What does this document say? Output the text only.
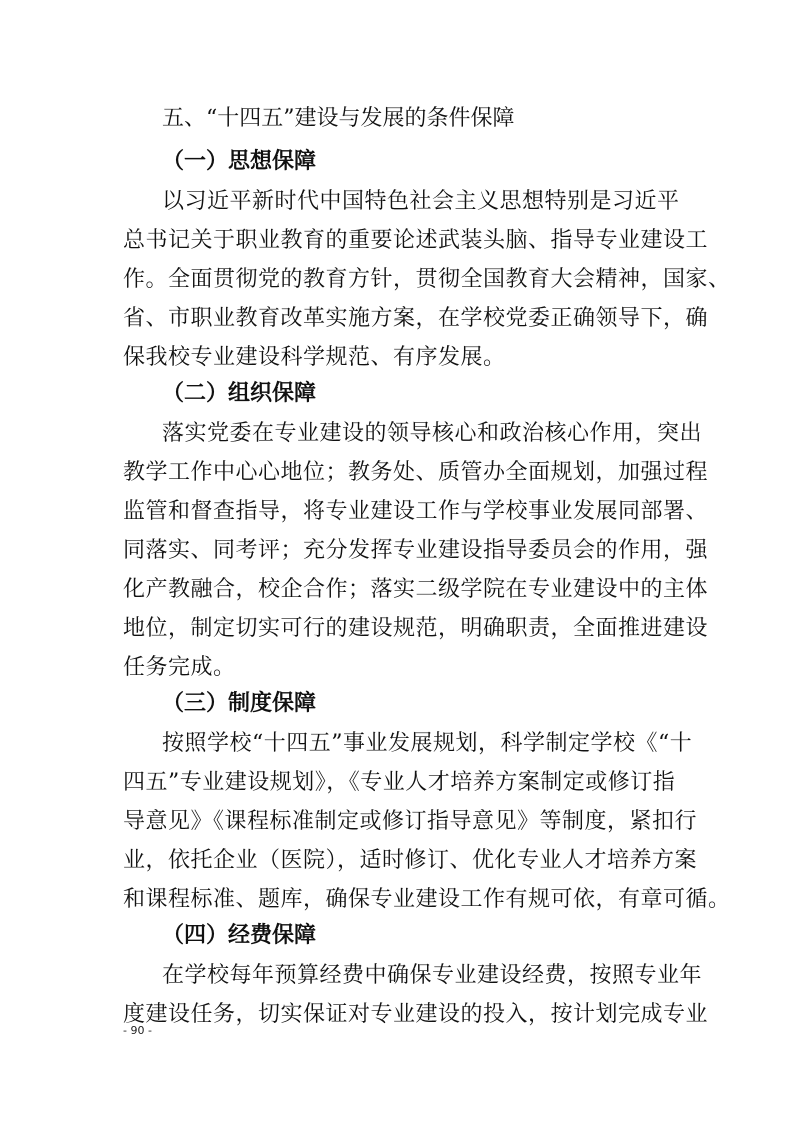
五、“十四五”建设与发展的条件保障
（一）思想保障
以习近平新时代中国特色社会主义思想特别是习近平
总书记关于职业教育的重要论述武装头脑、指导专业建设工
作。全面贯彻党的教育方针，贯彻全国教育大会精神，国家、
省、市职业教育改革实施方案，在学校党委正确领导下，确
保我校专业建设科学规范、有序发展。
（二）组织保障
落实党委在专业建设的领导核心和政治核心作用，突出
教学工作中心心地位；教务处、质管办全面规划，加强过程
监管和督查指导，将专业建设工作与学校事业发展同部署、
同落实、同考评；充分发挥专业建设指导委员会的作用，强
化产教融合，校企合作；落实二级学院在专业建设中的主体
地位，制定切实可行的建设规范，明确职责，全面推进建设
任务完成。
（三）制度保障
按照学校“十四五”事业发展规划，科学制定学校《“十
四五”专业建设规划》，《专业人才培养方案制定或修订指
导意见》《课程标准制定或修订指导意见》等制度，紧扣行
业，依托企业（医院），适时修订、优化专业人才培养方案
和课程标准、题库，确保专业建设工作有规可依，有章可循。
（四）经费保障
在学校每年预算经费中确保专业建设经费，按照专业年
度建设任务，切实保证对专业建设的投入，按计划完成专业
- 90 -
